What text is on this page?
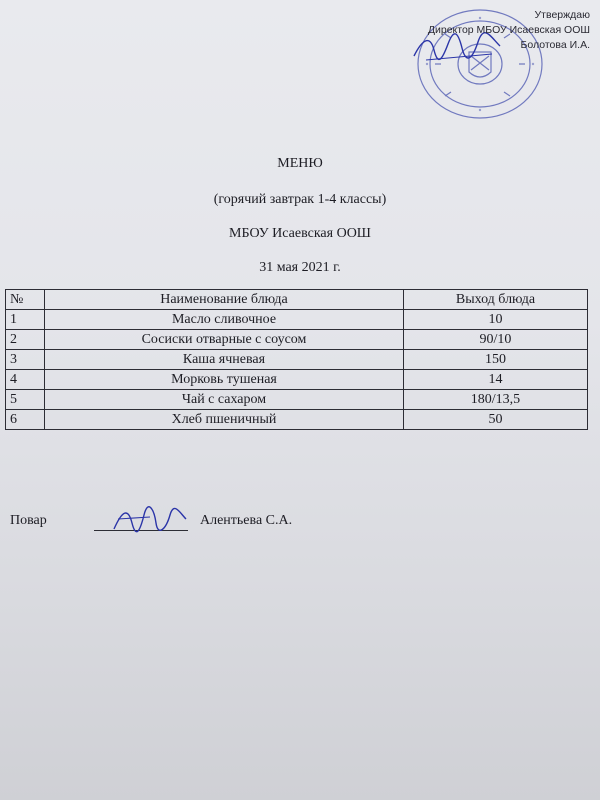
Утверждаю
Директор МБОУ Исаевская ООШ
Болотова И.А.
МЕНЮ
(горячий завтрак 1-4 классы)
МБОУ Исаевская ООШ
31 мая 2021 г.
№	Наименование блюда	Выход блюда
1	Масло сливочное	10
2	Сосиски отварные с соусом	90/10
3	Каша ячневая	150
4	Морковь тушеная	14
5	Чай с сахаром	180/13,5
6	Хлеб пшеничный	50
Повар	Алентьева С.А.
